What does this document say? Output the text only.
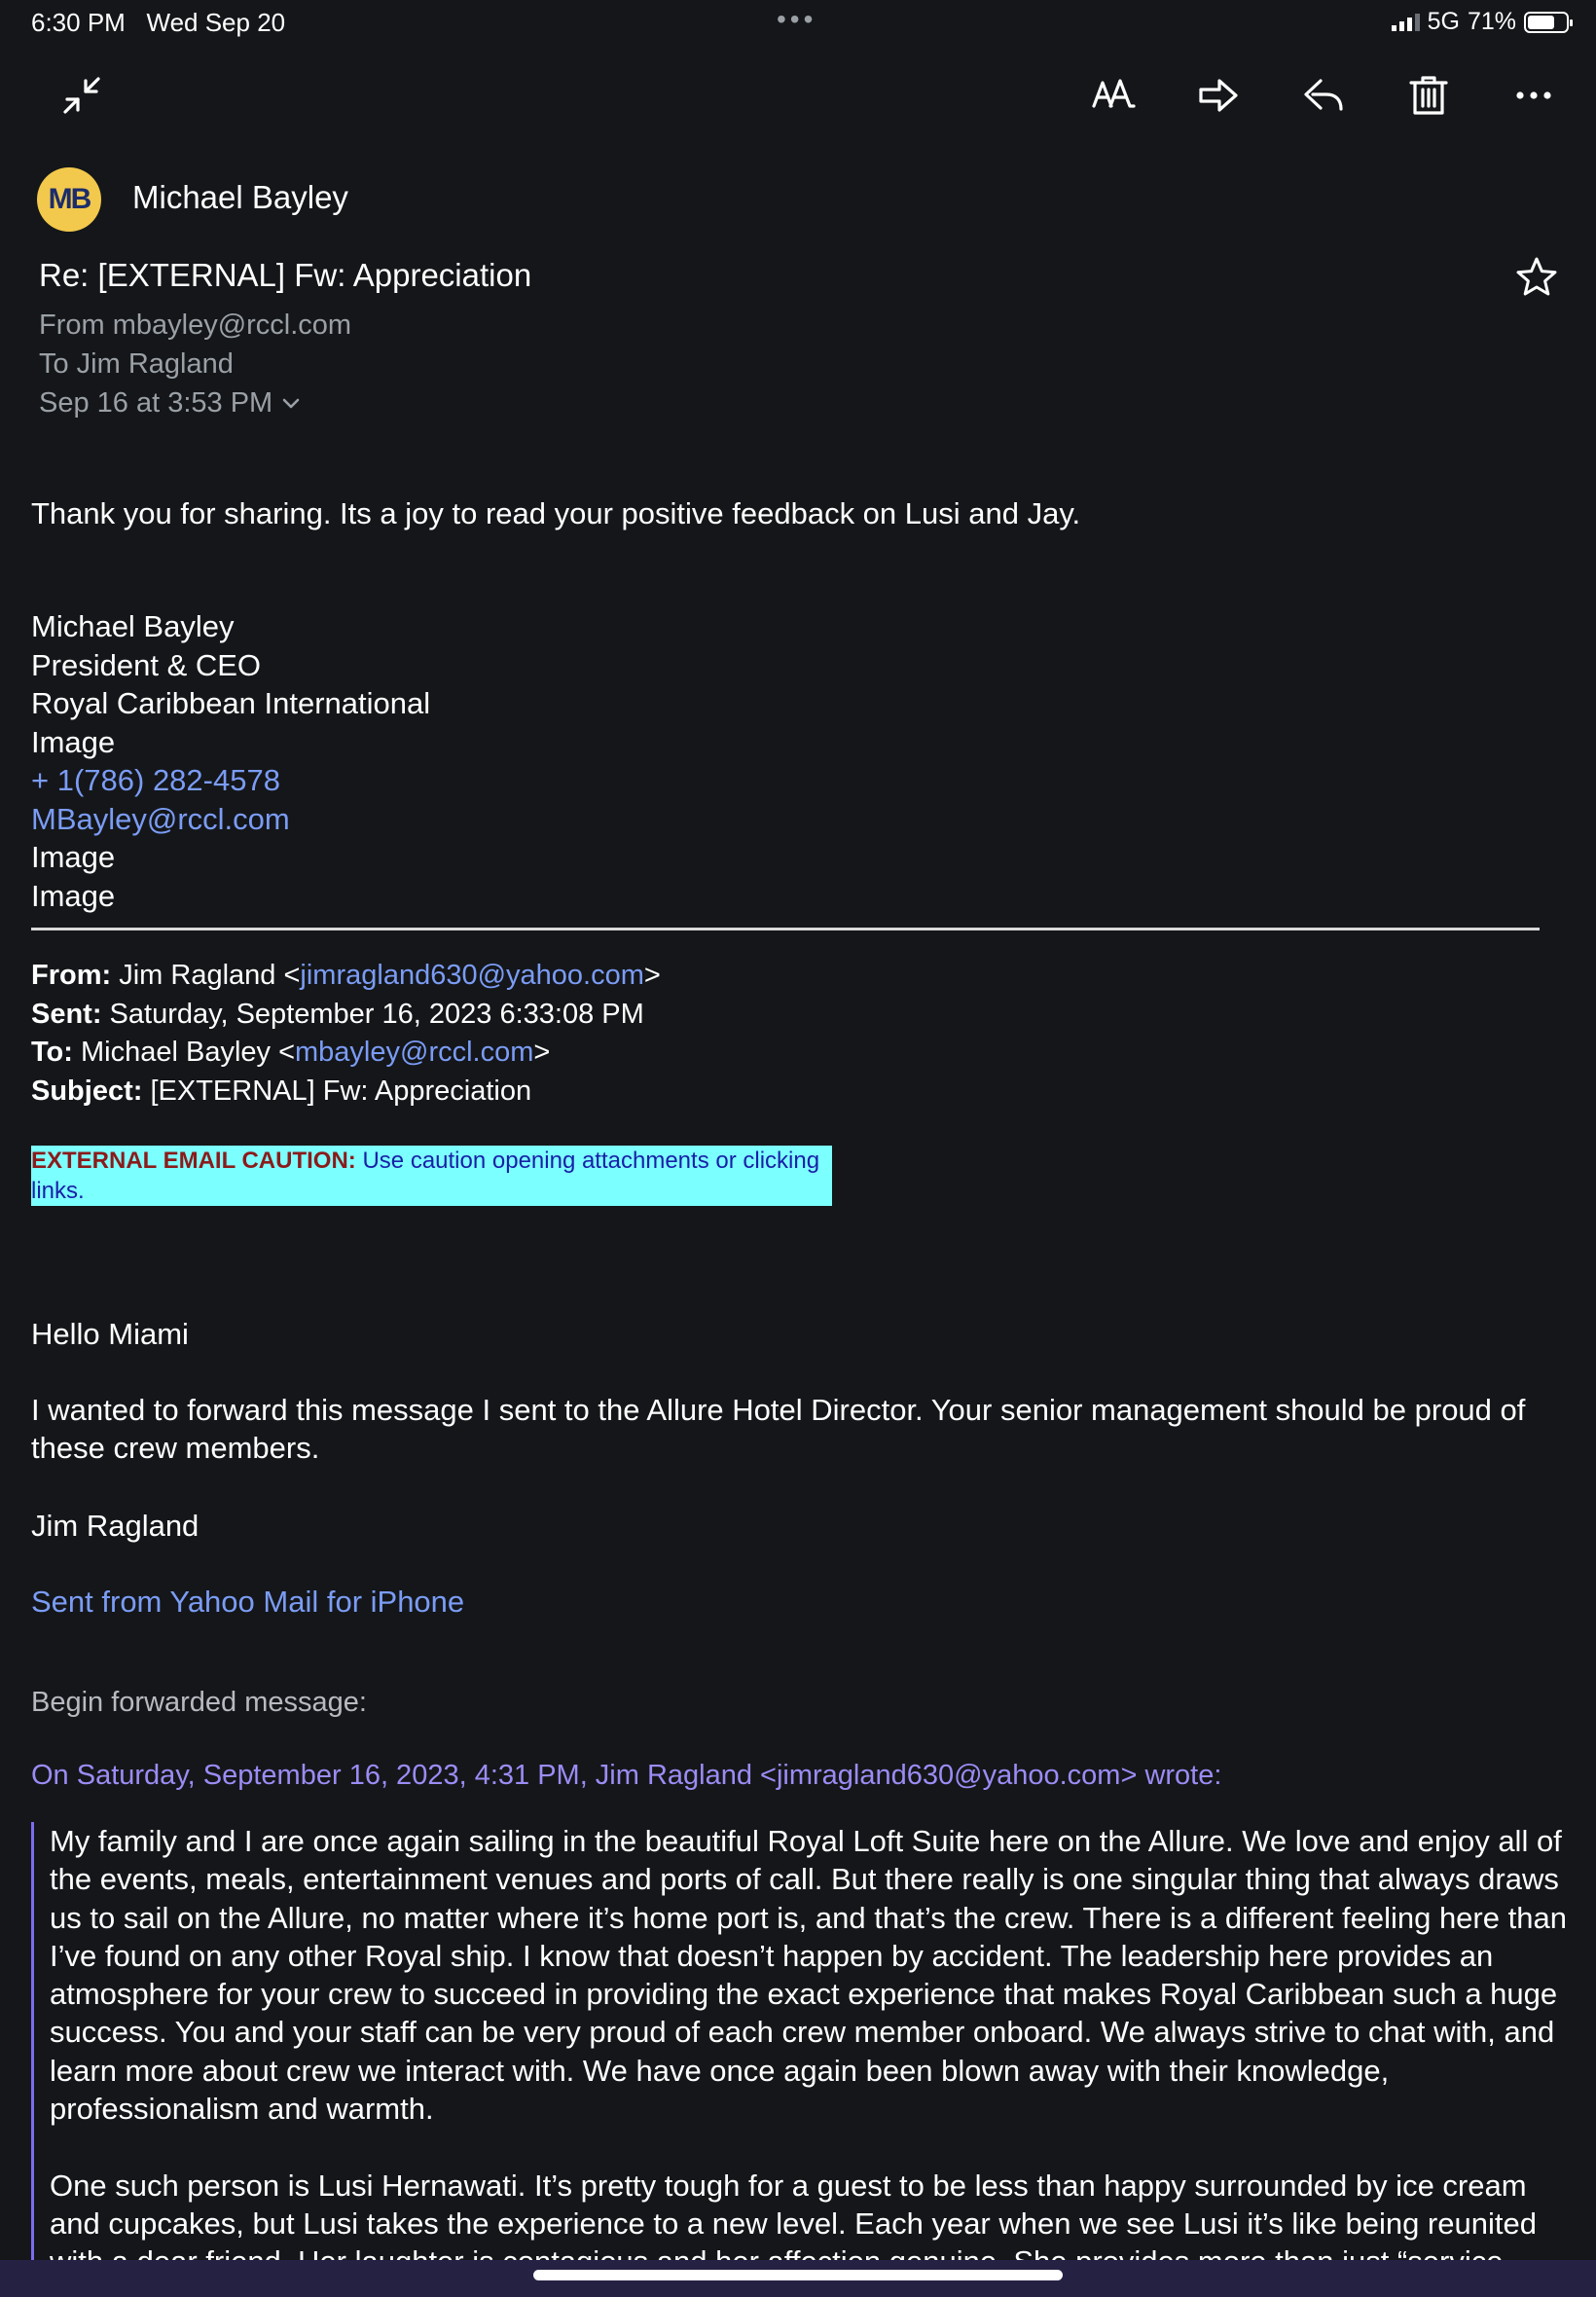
6:30 PM Wed Sep 20	•••	5G 71%
MB Michael Bayley
Re: [EXTERNAL] Fw: Appreciation
From mbayley@rccl.com
To Jim Ragland
Sep 16 at 3:53 PM
Thank you for sharing. Its a joy to read your positive feedback on Lusi and Jay.
Michael Bayley
President & CEO
Royal Caribbean International
Image
+ 1(786) 282-4578
MBayley@rccl.com
Image
Image
From: Jim Ragland <jimragland630@yahoo.com>
Sent: Saturday, September 16, 2023 6:33:08 PM
To: Michael Bayley <mbayley@rccl.com>
Subject: [EXTERNAL] Fw: Appreciation
EXTERNAL EMAIL CAUTION: Use caution opening attachments or clicking links.
Hello Miami
I wanted to forward this message I sent to the Allure Hotel Director. Your senior management should be proud of these crew members.
Jim Ragland
Sent from Yahoo Mail for iPhone
Begin forwarded message:
On Saturday, September 16, 2023, 4:31 PM, Jim Ragland <jimragland630@yahoo.com> wrote:

My family and I are once again sailing in the beautiful Royal Loft Suite here on the Allure. We love and enjoy all of the events, meals, entertainment venues and ports of call. But there really is one singular thing that always draws us to sail on the Allure, no matter where it’s home port is, and that’s the crew. There is a different feeling here than I’ve found on any other Royal ship. I know that doesn’t happen by accident. The leadership here provides an atmosphere for your crew to succeed in providing the exact experience that makes Royal Caribbean such a huge success. You and your staff can be very proud of each crew member onboard. We always strive to chat with, and learn more about crew we interact with. We have once again been blown away with their knowledge, professionalism and warmth.

One such person is Lusi Hernawati. It’s pretty tough for a guest to be less than happy surrounded by ice cream and cupcakes, but Lusi takes the experience to a new level. Each year when we see Lusi it’s like being reunited
